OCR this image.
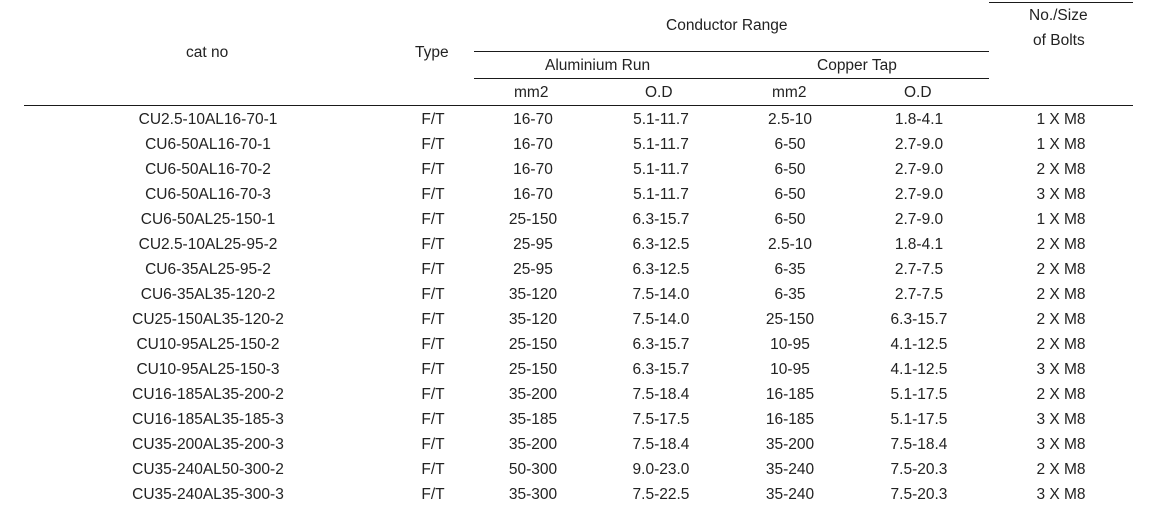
cat no	Type
Conductor Range
No./Size
of Bolts
Aluminium Run	Copper Tap
mm2	O.D	mm2	O.D
CU2.5-10AL16-70-1	F/T	16-70	5.1-11.7	2.5-10	1.8-4.1	1 X M8
CU6-50AL16-70-1	F/T	16-70	5.1-11.7	6-50	2.7-9.0	1 X M8
CU6-50AL16-70-2	F/T	16-70	5.1-11.7	6-50	2.7-9.0	2 X M8
CU6-50AL16-70-3	F/T	16-70	5.1-11.7	6-50	2.7-9.0	3 X M8
CU6-50AL25-150-1	F/T	25-150	6.3-15.7	6-50	2.7-9.0	1 X M8
CU2.5-10AL25-95-2	F/T	25-95	6.3-12.5	2.5-10	1.8-4.1	2 X M8
CU6-35AL25-95-2	F/T	25-95	6.3-12.5	6-35	2.7-7.5	2 X M8
CU6-35AL35-120-2	F/T	35-120	7.5-14.0	6-35	2.7-7.5	2 X M8
CU25-150AL35-120-2	F/T	35-120	7.5-14.0	25-150	6.3-15.7	2 X M8
CU10-95AL25-150-2	F/T	25-150	6.3-15.7	10-95	4.1-12.5	2 X M8
CU10-95AL25-150-3	F/T	25-150	6.3-15.7	10-95	4.1-12.5	3 X M8
CU16-185AL35-200-2	F/T	35-200	7.5-18.4	16-185	5.1-17.5	2 X M8
CU16-185AL35-185-3	F/T	35-185	7.5-17.5	16-185	5.1-17.5	3 X M8
CU35-200AL35-200-3	F/T	35-200	7.5-18.4	35-200	7.5-18.4	3 X M8
CU35-240AL50-300-2	F/T	50-300	9.0-23.0	35-240	7.5-20.3	2 X M8
CU35-240AL35-300-3	F/T	35-300	7.5-22.5	35-240	7.5-20.3	3 X M8
